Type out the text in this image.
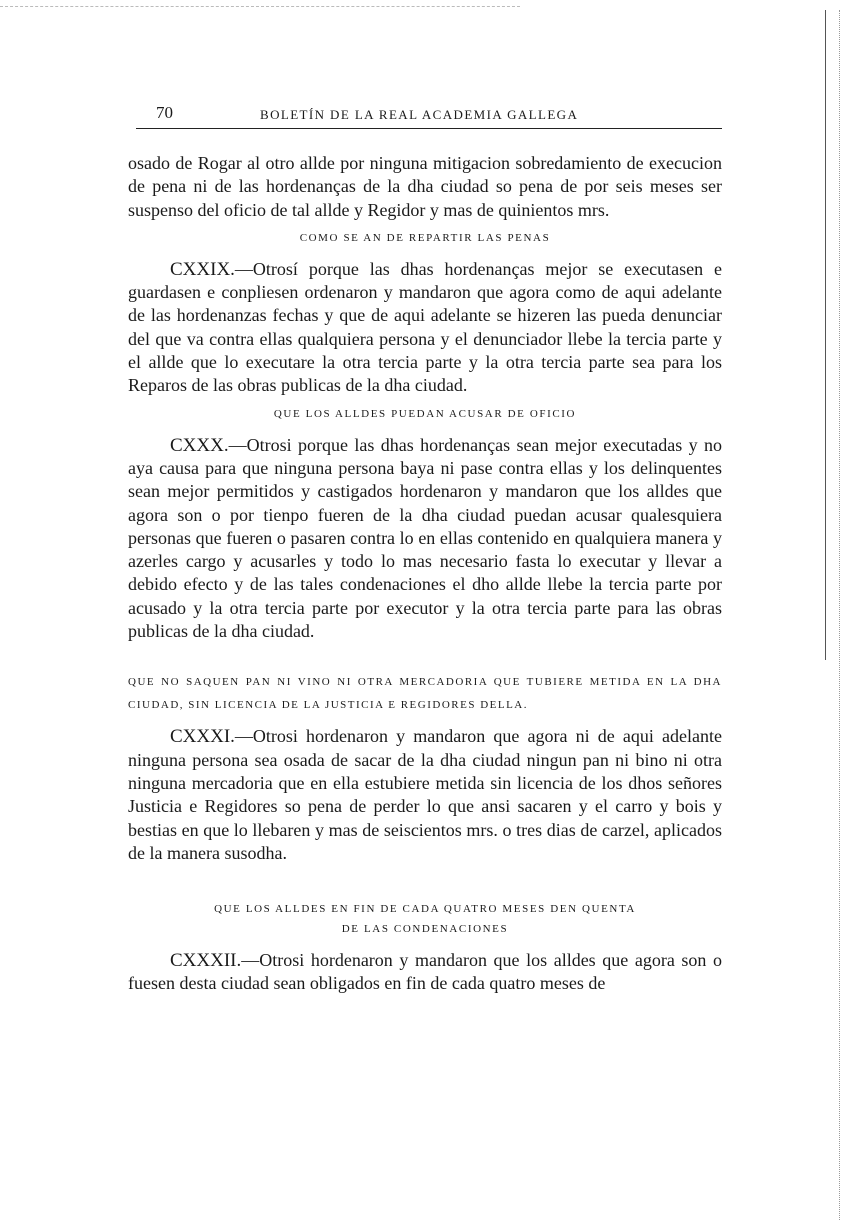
70	BOLETÍN DE LA REAL ACADEMIA GALLEGA

osado de Rogar al otro allde por ninguna mitigacion sobredamiento de execucion de pena ni de las hordenanças de la dha ciudad so pena de por seis meses ser suspenso del oficio de tal allde y Regidor y mas de quinientos mrs.

COMO SE AN DE REPARTIR LAS PENAS

CXXIX.—Otrosí porque las dhas hordenanças mejor se executasen e guardasen e conpliesen ordenaron y mandaron que agora como de aqui adelante de las hordenanzas fechas y que de aqui adelante se hizeren las pueda denunciar del que va contra ellas qualquiera persona y el denunciador llebe la tercia parte y el allde que lo executare la otra tercia parte y la otra tercia parte sea para los Reparos de las obras publicas de la dha ciudad.

QUE LOS ALLDES PUEDAN ACUSAR DE OFICIO

CXXX.—Otrosi porque las dhas hordenanças sean mejor executadas y no aya causa para que ninguna persona baya ni pase contra ellas y los delinquentes sean mejor permitidos y castigados hordenaron y mandaron que los alldes que agora son o por tienpo fueren de la dha ciudad puedan acusar qualesquiera personas que fueren o pasaren contra lo en ellas contenido en qualquiera manera y azerles cargo y acusarles y todo lo mas necesario fasta lo executar y llevar a debido efecto y de las tales condenaciones el dho allde llebe la tercia parte por acusado y la otra tercia parte por executor y la otra tercia parte para las obras publicas de la dha ciudad.

QUE NO SAQUEN PAN NI VINO NI OTRA MERCADORIA QUE TUBIERE METIDA EN LA DHA CIUDAD, SIN LICENCIA DE LA JUSTICIA E REGIDORES DELLA.

CXXXI.—Otrosi hordenaron y mandaron que agora ni de aqui adelante ninguna persona sea osada de sacar de la dha ciudad ningun pan ni bino ni otra ninguna mercadoria que en ella estubiere metida sin licencia de los dhos señores Justicia e Regidores so pena de perder lo que ansi sacaren y el carro y bois y bestias en que lo llebaren y mas de seiscientos mrs. o tres dias de carzel, aplicados de la manera susodha.

QUE LOS ALLDES EN FIN DE CADA QUATRO MESES DEN QUENTA

DE LAS CONDENACIONES

CXXXII.—Otrosi hordenaron y mandaron que los alldes que agora son o fuesen desta ciudad sean obligados en fin de cada quatro meses de
